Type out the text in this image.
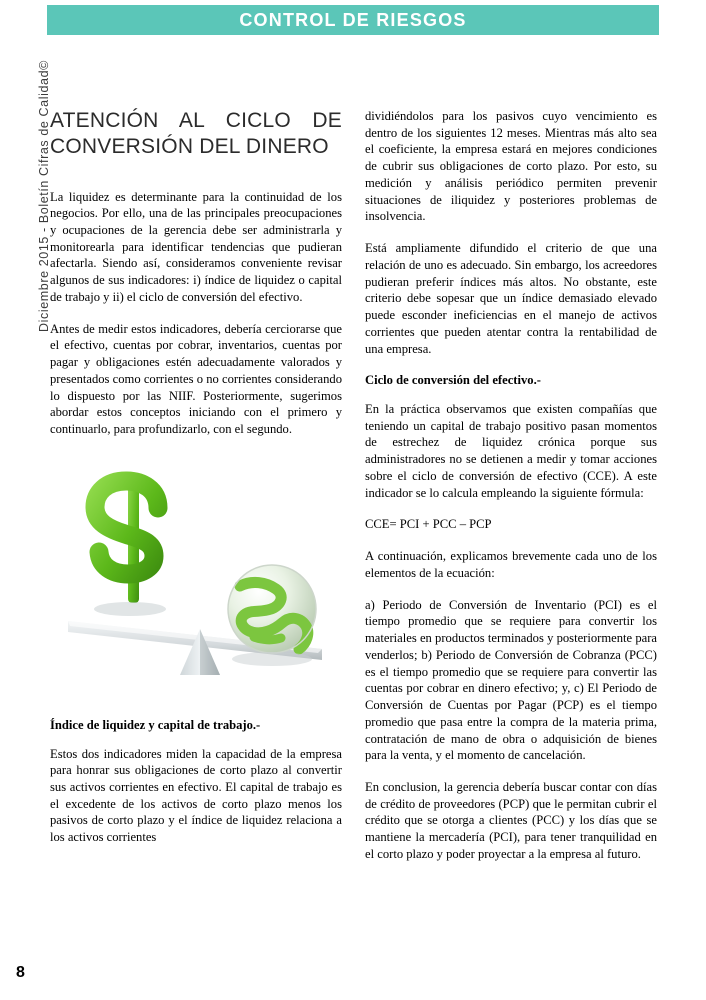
CONTROL DE RIESGOS
Diciembre 2015 - Boletín Cifras de Calidad©
8
ATENCIÓN AL CICLO DE CONVERSIÓN DEL DINERO

La liquidez es determinante para la continuidad de los negocios. Por ello, una de las principales preocupaciones y ocupaciones de la gerencia debe ser administrarla y monitorearla para identificar tendencias que pudieran afectarla. Siendo así, consideramos conveniente revisar algunos de sus indicadores: i) índice de liquidez o capital de trabajo y ii) el ciclo de conversión del efectivo.

Antes de medir estos indicadores, debería cerciorarse que el efectivo, cuentas por cobrar, inventarios, cuentas por pagar y obligaciones estén adecuadamente valorados y presentados como corrientes o no corrientes considerando lo dispuesto por las NIIF. Posteriormente, sugerimos abordar estos conceptos iniciando con el primero y continuarlo, para profundizarlo, con el segundo.

Índice de liquidez y capital de trabajo.-

Estos dos indicadores miden la capacidad de la empresa para honrar sus obligaciones de corto plazo al convertir sus activos corrientes en efectivo. El capital de trabajo es el excedente de los activos de corto plazo menos los pasivos de corto plazo y el índice de liquidez relaciona a los activos corrientes

dividiéndolos para los pasivos cuyo vencimiento es dentro de los siguientes 12 meses. Mientras más alto sea el coeficiente, la empresa estará en mejores condiciones de cubrir sus obligaciones de corto plazo. Por esto, su medición y análisis periódico permiten prevenir situaciones de iliquidez y posteriores problemas de insolvencia.

Está ampliamente difundido el criterio de que una relación de uno es adecuado. Sin embargo, los acreedores pudieran preferir índices más altos. No obstante, este criterio debe sopesar que un índice demasiado elevado puede esconder ineficiencias en el manejo de activos corrientes que pueden atentar contra la rentabilidad de una empresa.

Ciclo de conversión del efectivo.-

En la práctica observamos que existen compañías que teniendo un capital de trabajo positivo pasan momentos de estrechez de liquidez crónica porque sus administradores no se detienen a medir y tomar acciones sobre el ciclo de conversión de efectivo (CCE). A este indicador se lo calcula empleando la siguiente fórmula:

CCE= PCI + PCC – PCP

A continuación, explicamos brevemente cada uno de los elementos de la ecuación:

a) Periodo de Conversión de Inventario (PCI) es el tiempo promedio que se requiere para convertir los materiales en productos terminados y posteriormente para venderlos; b) Periodo de Conversión de Cobranza (PCC) es el tiempo promedio que se requiere para convertir las cuentas por cobrar en dinero efectivo; y, c) El Periodo de Conversión de Cuentas por Pagar (PCP) es el tiempo promedio que pasa entre la compra de la materia prima, contratación de mano de obra o adquisición de bienes para la venta, y el momento de cancelación.

En conclusion, la gerencia debería buscar contar con días de crédito de proveedores (PCP) que le permitan cubrir el crédito que se otorga a clientes (PCC) y los días que se mantiene la mercadería (PCI), para tener tranquilidad en el corto plazo y poder proyectar a la empresa al futuro.
